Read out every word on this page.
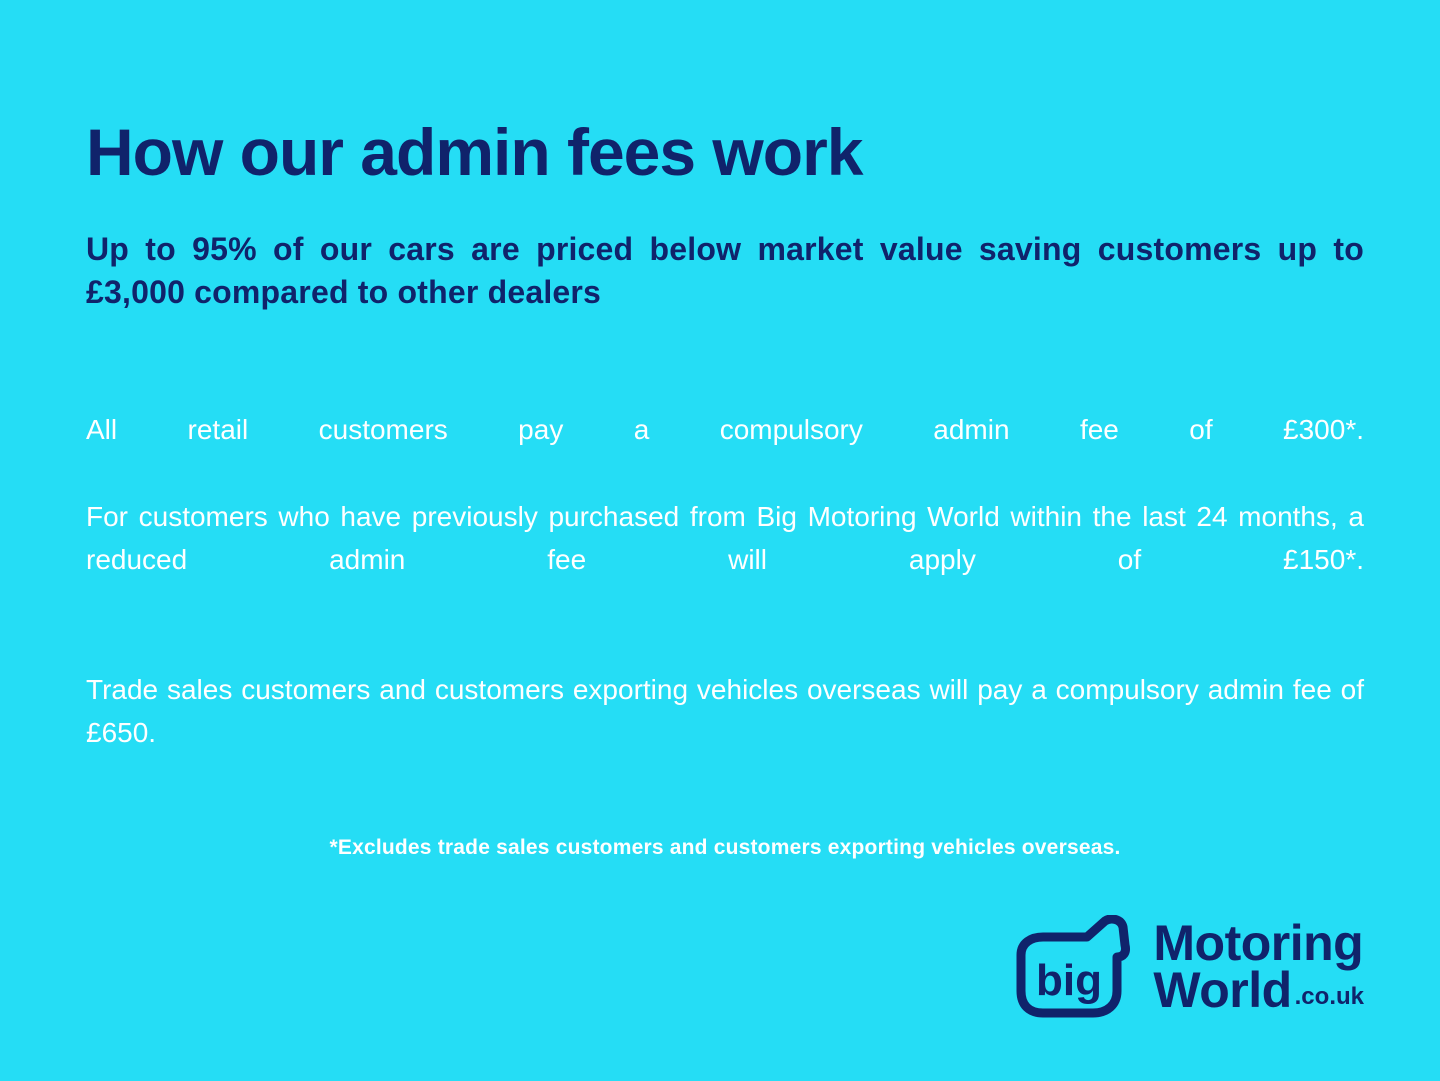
How our admin fees work
Up to 95% of our cars are priced below market value saving customers up to £3,000 compared to other dealers

All retail customers pay a compulsory admin fee of £300*.

For customers who have previously purchased from Big Motoring World within the last 24 months, a reduced admin fee will apply of £150*.

Trade sales customers and customers exporting vehicles overseas will pay a compulsory admin fee of £650.

*Excludes trade sales customers and customers exporting vehicles overseas.
big
Motoring
World .co.uk
